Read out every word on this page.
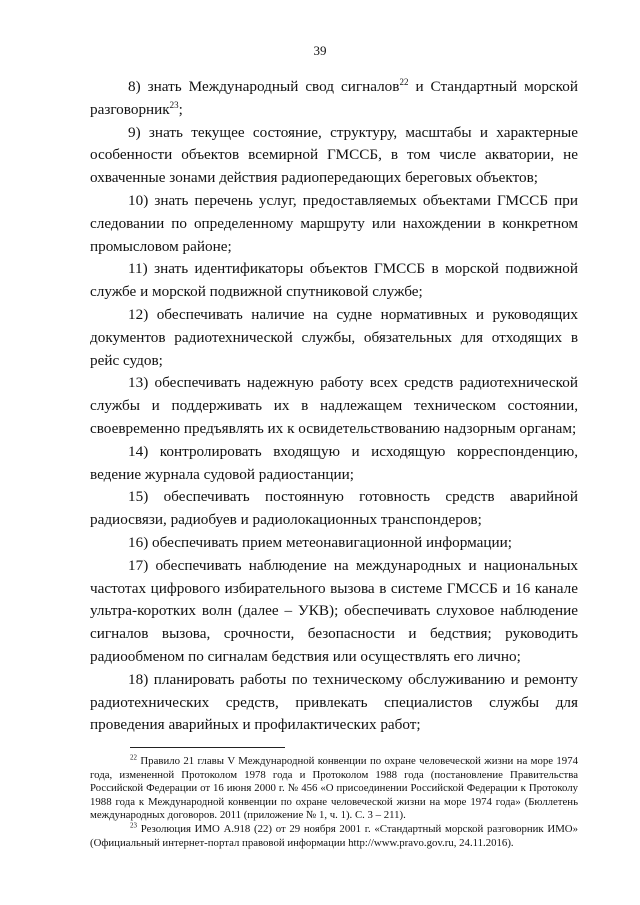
39

8) знать Международный свод сигналов$^{22}$ и Стандартный морской разговорник$^{23}$;

9) знать текущее состояние, структуру, масштабы и характерные особенности объектов всемирной ГМССБ, в том числе акватории, не охваченные зонами действия радиопередающих береговых объектов;

10) знать перечень услуг, предоставляемых объектами ГМССБ при следовании по определенному маршруту или нахождении в конкретном промысловом районе;

11) знать идентификаторы объектов ГМССБ в морской подвижной службе и морской подвижной спутниковой службе;

12) обеспечивать наличие на судне нормативных и руководящих документов радиотехнической службы, обязательных для отходящих в рейс судов;

13) обеспечивать надежную работу всех средств радиотехнической службы и поддерживать их в надлежащем техническом состоянии, своевременно предъявлять их к освидетельствованию надзорным органам;

14) контролировать входящую и исходящую корреспонденцию, ведение журнала судовой радиостанции;

15) обеспечивать постоянную готовность средств аварийной радиосвязи, радиобуев и радиолокационных транспондеров;

16) обеспечивать прием метеонавигационной информации;

17) обеспечивать наблюдение на международных и национальных частотах цифрового избирательного вызова в системе ГМССБ и 16 канале ультра-коротких волн (далее – УКВ); обеспечивать слуховое наблюдение сигналов вызова, срочности, безопасности и бедствия; руководить радиообменом по сигналам бедствия или осуществлять его лично;

18) планировать работы по техническому обслуживанию и ремонту радиотехнических средств, привлекать специалистов службы для проведения аварийных и профилактических работ;

$^{22}$ Правило 21 главы V Международной конвенции по охране человеческой жизни на море 1974 года, измененной Протоколом 1978 года и Протоколом 1988 года (постановление Правительства Российской Федерации от 16 июня 2000 г. № 456 «О присоединении Российской Федерации к Протоколу 1988 года к Международной конвенции по охране человеческой жизни на море 1974 года» (Бюллетень международных договоров. 2011 (приложение № 1, ч. 1). С. 3 – 211).

$^{23}$ Резолюция ИМО A.918 (22) от 29 ноября 2001 г. «Стандартный морской разговорник ИМО» (Официальный интернет-портал правовой информации http://www.pravo.gov.ru, 24.11.2016).
